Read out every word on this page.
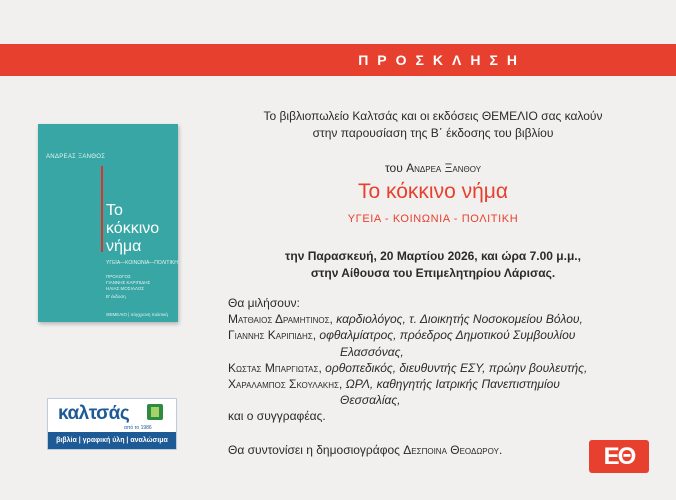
ΠΡΟΣΚΛΗΣΗ
ΑΝΔΡΕΑΣ ΞΑΝΘΟΣ
Το
κόκκινο
νήμα
ΥΓΕΙΑ—ΚΟΙΝΩΝΙΑ—ΠΟΛΙΤΙΚΗ
ΠΡΟΛΟΓΟΣ
ΓΙΑΝΝΗΣ ΚΑΡΙΠΙΔΗΣ
ΗΛΙΑΣ ΜΟΣΙΑΛΟΣ
Β' έκδοση
ΘΕΜΕΛΙΟ | σύγχρονη πολιτική
καλτσάς
από το 1986
βιβλία | γραφική ύλη | αναλώσιμα
Το βιβλιοπωλείο Καλτσάς και οι εκδόσεις ΘΕΜΕΛΙΟ σας καλούν
στην παρουσίαση της Β΄ έκδοσης του βιβλίου
του Ανδρεα Ξανθου
Το κόκκινο νήμα
ΥΓΕΙΑ - ΚΟΙΝΩΝΙΑ - ΠΟΛΙΤΙΚΗ
την Παρασκευή, 20 Μαρτίου 2026, και ώρα 7.00 μ.μ.,
στην Αίθουσα του Επιμελητηρίου Λάρισας.
Θα μιλήσουν:
Ματθαιος Δραμητινος, καρδιολόγος, τ. Διοικητής Νοσοκομείου Βόλου,
Γιαννης Καριπιδης, οφθαλμίατρος, πρόεδρος Δημοτικού Συμβουλίου
Ελασσόνας,
Κωστας Μπαργιωτας, ορθοπεδικός, διευθυντής ΕΣΥ, πρώην βουλευτής,
Χαραλαμπος Σκουλακης, ΩΡΛ, καθηγητής Ιατρικής Πανεπιστημίου
Θεσσαλίας,
και ο συγγραφέας.
Θα συντονίσει η δημοσιογράφος Δεσποινα Θεοδωρου.	ΕΘ
